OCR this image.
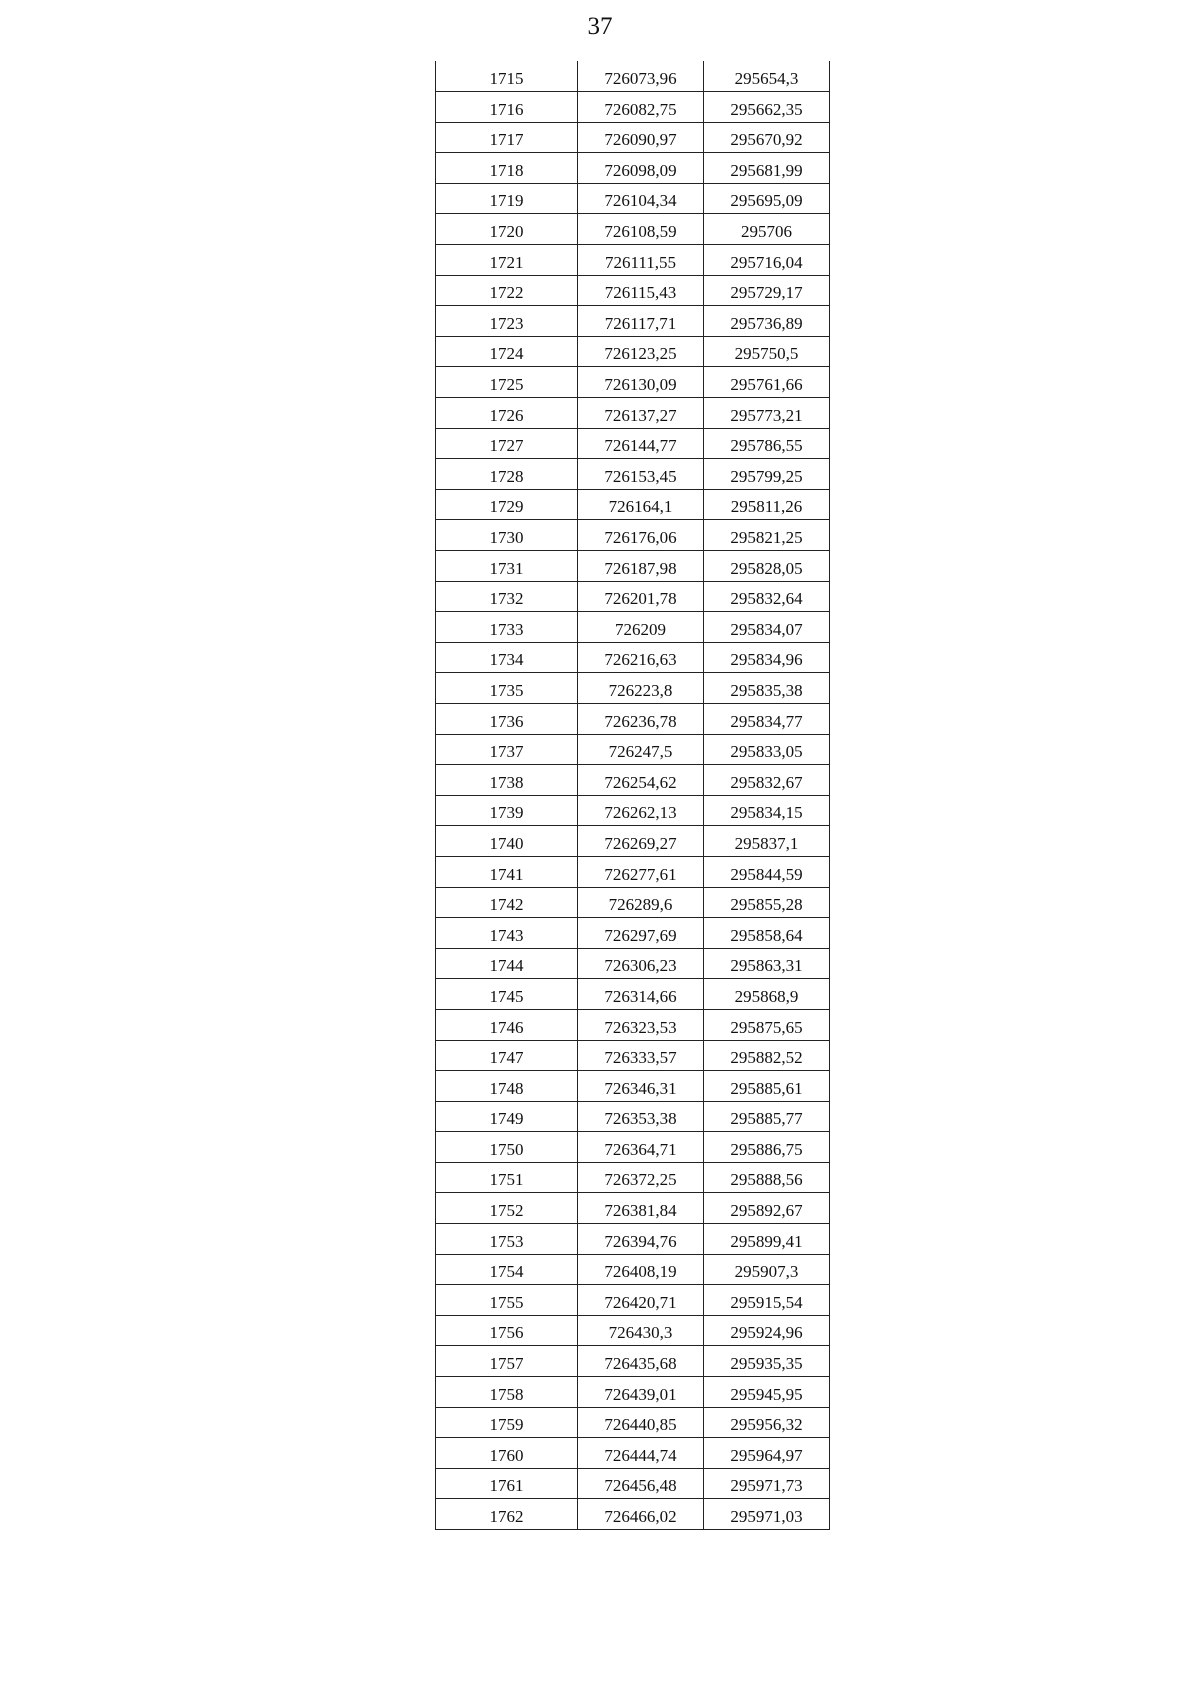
37
1715	726073,96	295654,3
1716	726082,75	295662,35
1717	726090,97	295670,92
1718	726098,09	295681,99
1719	726104,34	295695,09
1720	726108,59	295706
1721	726111,55	295716,04
1722	726115,43	295729,17
1723	726117,71	295736,89
1724	726123,25	295750,5
1725	726130,09	295761,66
1726	726137,27	295773,21
1727	726144,77	295786,55
1728	726153,45	295799,25
1729	726164,1	295811,26
1730	726176,06	295821,25
1731	726187,98	295828,05
1732	726201,78	295832,64
1733	726209	295834,07
1734	726216,63	295834,96
1735	726223,8	295835,38
1736	726236,78	295834,77
1737	726247,5	295833,05
1738	726254,62	295832,67
1739	726262,13	295834,15
1740	726269,27	295837,1
1741	726277,61	295844,59
1742	726289,6	295855,28
1743	726297,69	295858,64
1744	726306,23	295863,31
1745	726314,66	295868,9
1746	726323,53	295875,65
1747	726333,57	295882,52
1748	726346,31	295885,61
1749	726353,38	295885,77
1750	726364,71	295886,75
1751	726372,25	295888,56
1752	726381,84	295892,67
1753	726394,76	295899,41
1754	726408,19	295907,3
1755	726420,71	295915,54
1756	726430,3	295924,96
1757	726435,68	295935,35
1758	726439,01	295945,95
1759	726440,85	295956,32
1760	726444,74	295964,97
1761	726456,48	295971,73
1762	726466,02	295971,03
